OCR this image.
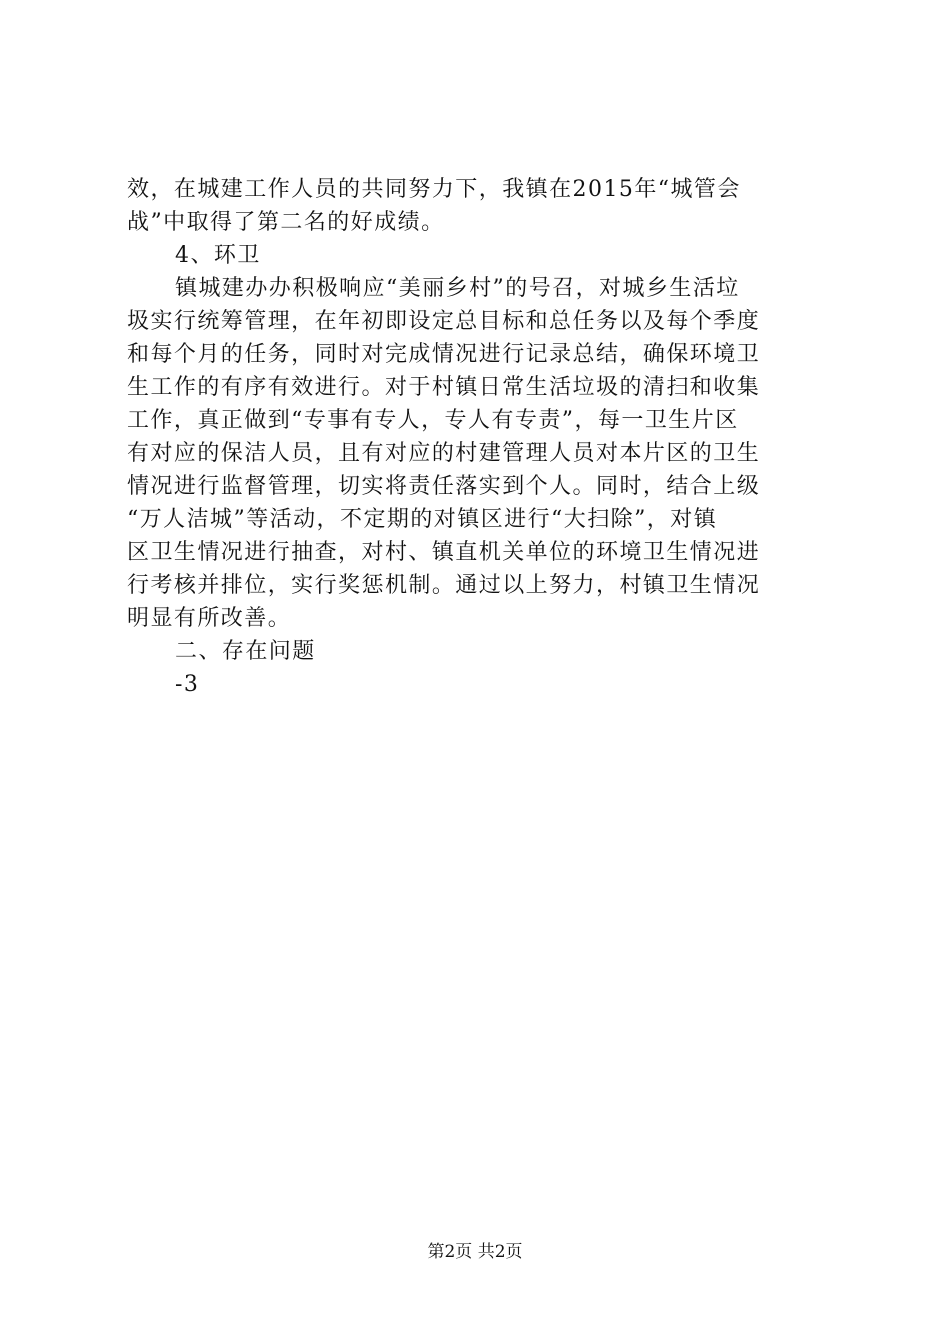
效，在城建工作人员的共同努力下，我镇在2015年“城管会
战”中取得了第二名的好成绩。
4、环卫
镇城建办办积极响应“美丽乡村”的号召，对城乡生活垃
圾实行统筹管理，在年初即设定总目标和总任务以及每个季度
和每个月的任务，同时对完成情况进行记录总结，确保环境卫
生工作的有序有效进行。对于村镇日常生活垃圾的清扫和收集
工作，真正做到“专事有专人，专人有专责”，每一卫生片区
有对应的保洁人员，且有对应的村建管理人员对本片区的卫生
情况进行监督管理，切实将责任落实到个人。同时，结合上级
“万人洁城”等活动，不定期的对镇区进行“大扫除”，对镇
区卫生情况进行抽查，对村、镇直机关单位的环境卫生情况进
行考核并排位，实行奖惩机制。通过以上努力，村镇卫生情况
明显有所改善。
二、存在问题
-3
第2页 共2页
